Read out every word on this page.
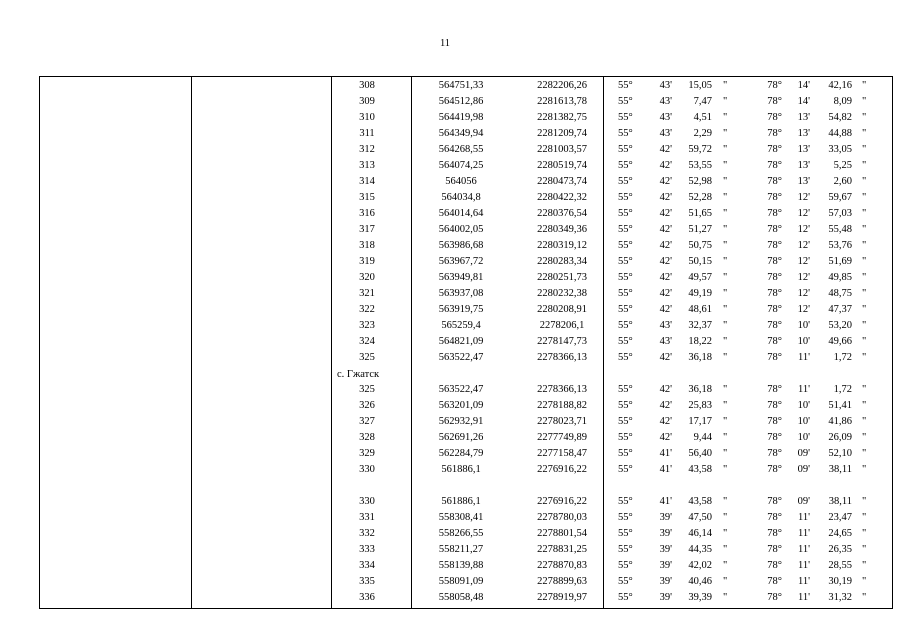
11
308	564751,33	2282206,26	55°	43'	15,05 "	78°	14'	42,16 "
309	564512,86	2281613,78	55°	43'	7,47 "	78°	14'	8,09 "
310	564419,98	2281382,75	55°	43'	4,51 "	78°	13'	54,82 "
311	564349,94	2281209,74	55°	43'	2,29 "	78°	13'	44,88 "
312	564268,55	2281003,57	55°	42'	59,72 "	78°	13'	33,05 "
313	564074,25	2280519,74	55°	42'	53,55 "	78°	13'	5,25 "
314	564056	2280473,74	55°	42'	52,98 "	78°	13'	2,60 "
315	564034,8	2280422,32	55°	42'	52,28 "	78°	12'	59,67 "
316	564014,64	2280376,54	55°	42'	51,65 "	78°	12'	57,03 "
317	564002,05	2280349,36	55°	42'	51,27 "	78°	12'	55,48 "
318	563986,68	2280319,12	55°	42'	50,75 "	78°	12'	53,76 "
319	563967,72	2280283,34	55°	42'	50,15 "	78°	12'	51,69 "
320	563949,81	2280251,73	55°	42'	49,57 "	78°	12'	49,85 "
321	563937,08	2280232,38	55°	42'	49,19 "	78°	12'	48,75 "
322	563919,75	2280208,91	55°	42'	48,61 "	78°	12'	47,37 "
323	565259,4	2278206,1	55°	43'	32,37 "	78°	10'	53,20 "
324	564821,09	2278147,73	55°	43'	18,22 "	78°	10'	49,66 "
325	563522,47	2278366,13	55°	42'	36,18 "	78°	11'	1,72 "
325	563522,47	2278366,13	55°	42'	36,18 "	78°	11'	1,72 "
326	563201,09	2278188,82	55°	42'	25,83 "	78°	10'	51,41 "
327	562932,91	2278023,71	55°	42'	17,17 "	78°	10'	41,86 "
328	562691,26	2277749,89	55°	42'	9,44 "	78°	10'	26,09 "
329	562284,79	2277158,47	55°	41'	56,40 "	78°	09'	52,10 "
330	561886,1	2276916,22	55°	41'	43,58 "	78°	09'	38,11 "
330	561886,1	2276916,22	55°	41'	43,58 "	78°	09'	38,11 "
331	558308,41	2278780,03	55°	39'	47,50 "	78°	11'	23,47 "
332	558266,55	2278801,54	55°	39'	46,14 "	78°	11'	24,65 "
333	558211,27	2278831,25	55°	39'	44,35 "	78°	11'	26,35 "
334	558139,88	2278870,83	55°	39'	42,02 "	78°	11'	28,55 "
335	558091,09	2278899,63	55°	39'	40,46 "	78°	11'	30,19 "
336	558058,48	2278919,97	55°	39'	39,39 "	78°	11'	31,32 "
с. Гжатск
